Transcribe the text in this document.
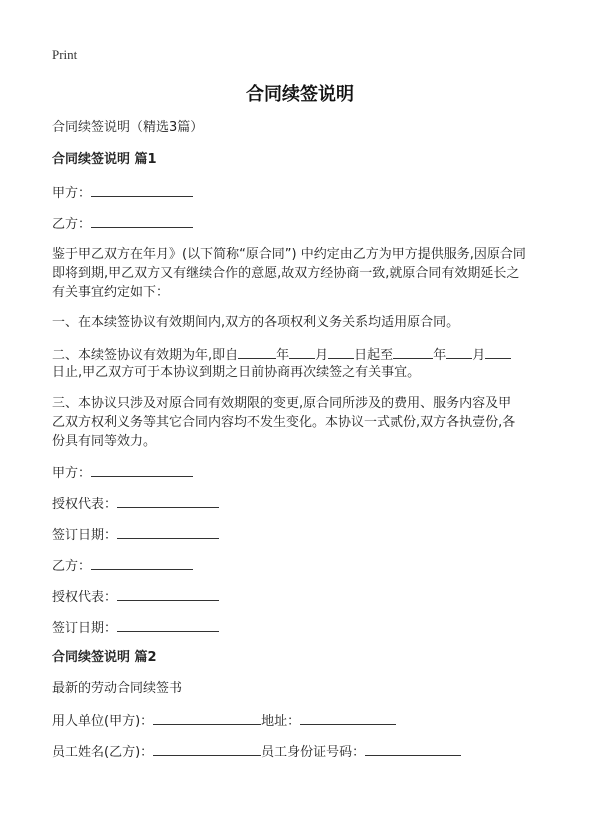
Print
合同续签说明
合同续签说明（精选3篇）
合同续签说明 篇1
甲方：
乙方：
鉴于甲乙双方在年月》(以下简称“原合同”) 中约定由乙方为甲方提供服务,因原合同
即将到期,甲乙双方又有继续合作的意愿,故双方经协商一致,就原合同有效期延长之
有关事宜约定如下：
一、在本续签协议有效期间内,双方的各项权利义务关系均适用原合同。
二、本续签协议有效期为年,即自	年 月 日起至	年 月
日止,甲乙双方可于本协议到期之日前协商再次续签之有关事宜。
三、本协议只涉及对原合同有效期限的变更,原合同所涉及的费用、服务内容及甲
乙双方权利义务等其它合同内容均不发生变化。本协议一式贰份,双方各执壹份,各
份具有同等效力。
甲方：
授权代表：
签订日期：
乙方：
授权代表：
签订日期：
合同续签说明 篇2
最新的劳动合同续签书
用人单位(甲方)：	地址：
员工姓名(乙方)：	员工身份证号码：
